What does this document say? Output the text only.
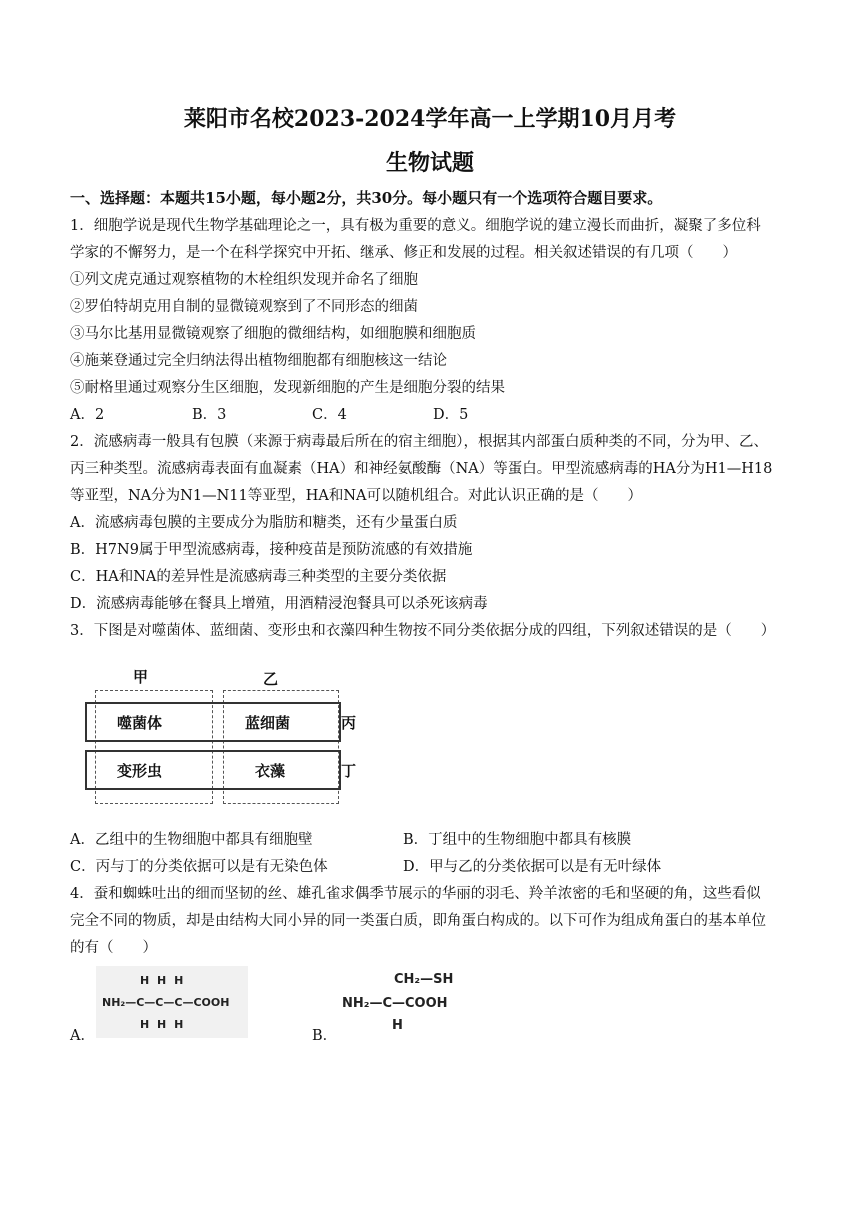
莱阳市名校2023-2024学年高一上学期10月月考
生物试题
一、选择题：本题共15小题，每小题2分，共30分。每小题只有一个选项符合题目要求。
1．细胞学说是现代生物学基础理论之一，具有极为重要的意义。细胞学说的建立漫长而曲折，凝聚了多位科
学家的不懈努力，是一个在科学探究中开拓、继承、修正和发展的过程。相关叙述错误的有几项（　　）
①列文虎克通过观察植物的木栓组织发现并命名了细胞
②罗伯特胡克用自制的显微镜观察到了不同形态的细菌
③马尔比基用显微镜观察了细胞的微细结构，如细胞膜和细胞质
④施莱登通过完全归纳法得出植物细胞都有细胞核这一结论
⑤耐格里通过观察分生区细胞，发现新细胞的产生是细胞分裂的结果
A．2	B．3	C．4	D．5
2．流感病毒一般具有包膜（来源于病毒最后所在的宿主细胞），根据其内部蛋白质种类的不同，分为甲、乙、
丙三种类型。流感病毒表面有血凝素（HA）和神经氨酸酶（NA）等蛋白。甲型流感病毒的HA分为H1—H18
等亚型，NA分为N1—N11等亚型，HA和NA可以随机组合。对此认识正确的是（　　）
A．流感病毒包膜的主要成分为脂肪和糖类，还有少量蛋白质
B．H7N9属于甲型流感病毒，接种疫苗是预防流感的有效措施
C．HA和NA的差异性是流感病毒三种类型的主要分类依据
D．流感病毒能够在餐具上增殖，用酒精浸泡餐具可以杀死该病毒
3．下图是对噬菌体、蓝细菌、变形虫和衣藻四种生物按不同分类依据分成的四组，下列叙述错误的是（　　）
甲	乙
丙
丁
噬菌体	蓝细菌
变形虫	衣藻
A．乙组中的生物细胞中都具有细胞壁	B．丁组中的生物细胞中都具有核膜
C．丙与丁的分类依据可以是有无染色体	D．甲与乙的分类依据可以是有无叶绿体
4．蚕和蜘蛛吐出的细而坚韧的丝、雄孔雀求偶季节展示的华丽的羽毛、羚羊浓密的毛和坚硬的角，这些看似
完全不同的物质，却是由结构大同小异的同一类蛋白质，即角蛋白构成的。以下可作为组成角蛋白的基本单位
的有（　　）
A．
H H H
NH₂—C—C—C—COOH
H H H
B．
CH₂—SH
NH₂—C—COOH
H
